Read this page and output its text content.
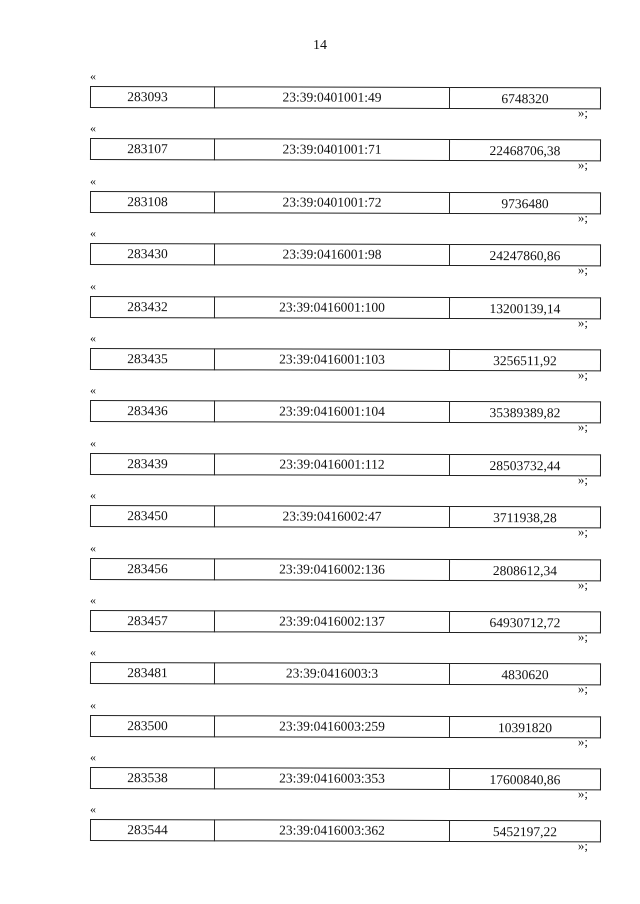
14
«
283093	23:39:0401001:49	6748320
»;
«
283107	23:39:0401001:71	22468706,38
»;
«
283108	23:39:0401001:72	9736480
»;
«
283430	23:39:0416001:98	24247860,86
»;
«
283432	23:39:0416001:100	13200139,14
»;
«
283435	23:39:0416001:103	3256511,92
»;
«
283436	23:39:0416001:104	35389389,82
»;
«
283439	23:39:0416001:112	28503732,44
»;
«
283450	23:39:0416002:47	3711938,28
»;
«
283456	23:39:0416002:136	2808612,34
»;
«
283457	23:39:0416002:137	64930712,72
»;
«
283481	23:39:0416003:3	4830620
»;
«
283500	23:39:0416003:259	10391820
»;
«
283538	23:39:0416003:353	17600840,86
»;
«
283544	23:39:0416003:362	5452197,22
»;
